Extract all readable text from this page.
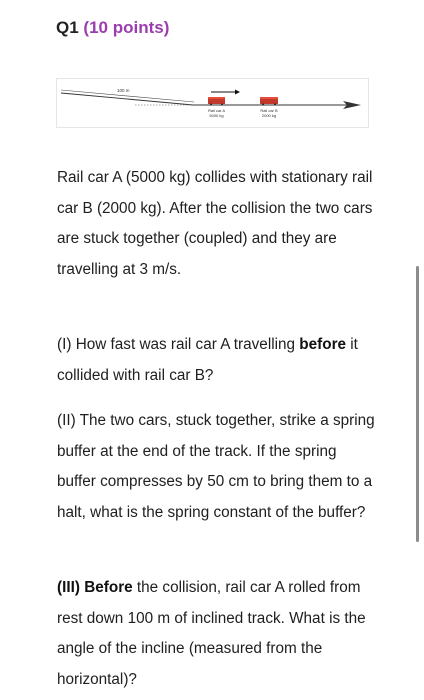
Q1 (10 points)
100 m
Rail car A
5000 kg
Rail car B
2000 kg

Rail car A (5000 kg) collides with stationary rail car B (2000 kg). After the collision the two cars are stuck together (coupled) and they are travelling at 3 m/s.

(I) How fast was rail car A travelling before it collided with rail car B?

(II) The two cars, stuck together, strike a spring buffer at the end of the track. If the spring buffer compresses by 50 cm to bring them to a halt, what is the spring constant of the buffer?

(III) Before the collision, rail car A rolled from rest down 100 m of inclined track. What is the angle of the incline (measured from the horizontal)?
